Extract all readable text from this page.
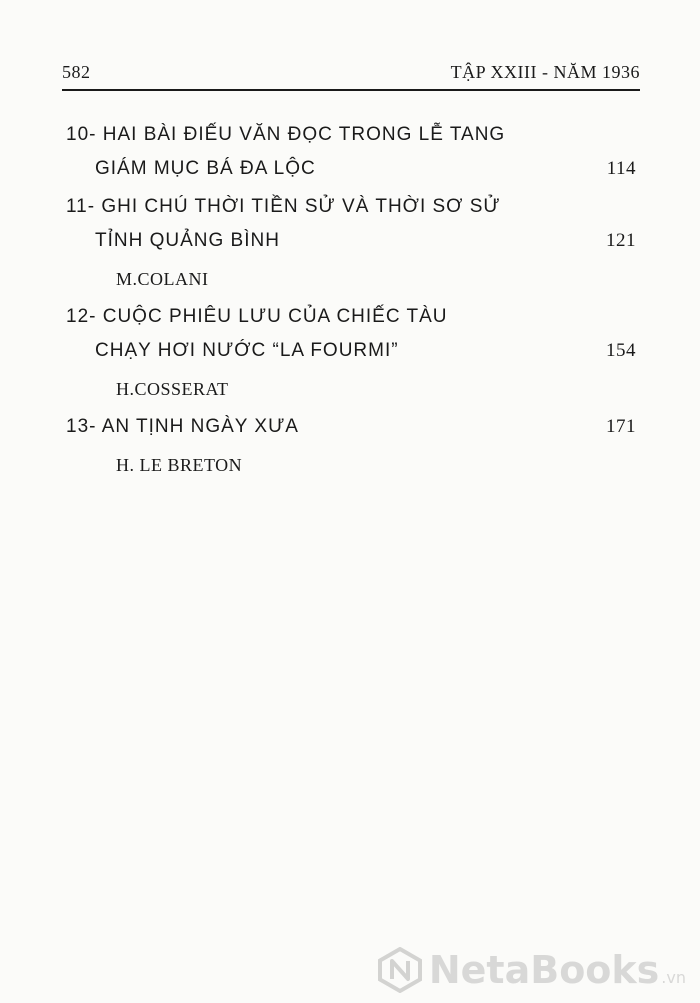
582	TẬP XXIII - NĂM 1936
10- HAI BÀI ĐIẾU VĂN ĐỌC TRONG LỄ TANG
GIÁM MỤC BÁ ĐA LỘC	114
11- GHI CHÚ THỜI TIỀN SỬ VÀ THỜI SƠ SỬ
TỈNH QUẢNG BÌNH	121
M.COLANI
12- CUỘC PHIÊU LƯU CỦA CHIẾC TÀU
CHẠY HƠI NƯỚC “LA FOURMI”	154
H.COSSERAT
13- AN TỊNH NGÀY XƯA	171
H. LE BRETON
NetaBooks .vn
